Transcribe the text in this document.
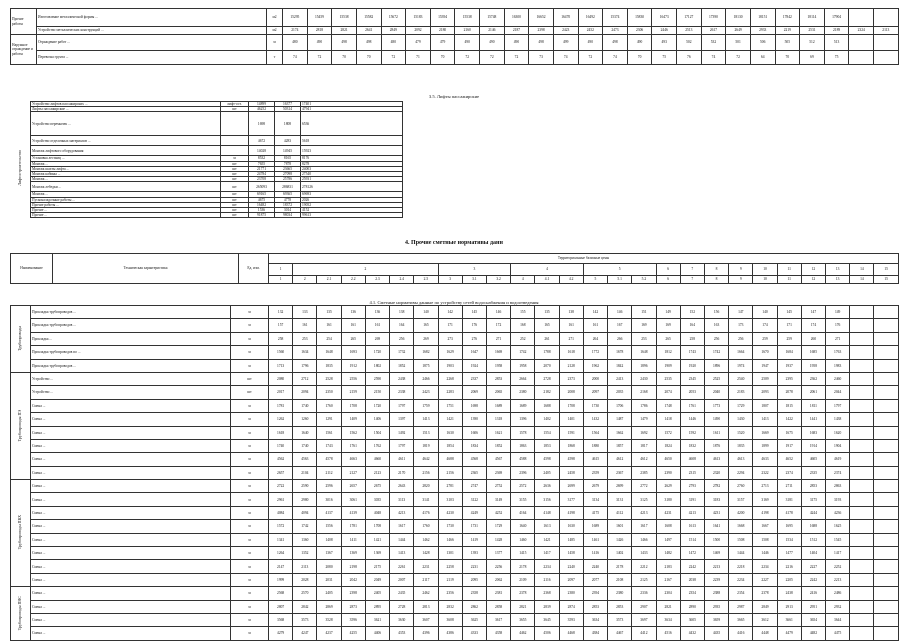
Прочие работы	Изготовление металлической формы ...	м2	15295	15459	15538	15582	15672	15183	15394	15538	15748	16300	16652	16470	16492	15374	15830	16473	17127	17390	18130	18151	17842	18114	17904		
	Устройство металлических конструкций ...	м2	2174	2818	2821	2641	2849	2092	2180	2160	2146	2187	2398	2423	2452	2473	2306	2446	2513	2617	2649	2933	2219	2531	2189	2324	2113
Наружное ограждение и работы	Ограждение работ ...	м	480	490	498	498	480	479	479	490	490	490	498	499	490	498	490	493	502	532	501	506	505	512	513		
	Перевозка грунта ...	т	74	72	70	70	72	71	70	72	72	72	73	74	72	74	70	75	76	74	72	64	70	69	75		
3.5. Лифты пассажирские
Лифтостроительство
Устройство лифтов пассажирских ...	лифт-ост.	14899	16377	17401
Лифты пассажирские ...	шт	46252	50314	47941
Устройство перемычек ...		1698	1808	6536
Устройство отделочных материалов ...		4672	4283	5618
Монтаж лифтового оборудования		14028	14945	15923
Установка лестниц ...	м	8532	8165	8176
Монтаж ...	шт	7655	7878	8278
Монтаж шахты лифта ...	шт	21771	23665	24003
Монтаж кабины ...	шт	24784	27098	27540
Монтаж ...	шт	23708	25786	25931
Монтаж лебедки ...	шт	265093	286831	278126
Монтаж ...	шт	69165	69365	69693
Пусконаладочные работы ...	шт	4675	4778	2026
Прочие работы ...	шт	16482	18372	19052
Прочие ...	шт	1536	3014	4152
Прочие ...	шт	91875	98034	99613
4. Прочие сметные нормативы данн
Наименование	Техническая характеристика	Ед. изм.	Территориальные базисные цены																									
			1	2						3			4			5			6	7	8	9	10	11	12	13	14	15
			1	2	2.1	2.2	2.3	2.4	2.5	3	3.1	3.2	4	4.1	4.2	5	5.1	5.2	6	7	8	9	10	11	12	13	14	15
4.1. Сметные нормативы данные по устройству сетей водоснабжения и водоотведения
Трубопроводы	Прокладка трубопроводов ...	м	132	133	135	136	136	138	140	142	145	146	155	135	138	142	146	151	149	152	156	147	140	145	147	149		
	Прокладка трубопроводов ...	м	157	161	161	161	161	164	165	171	176	172	168	165	161	161	167	169	169	164	163	173	174	171	174	176		
	Прокладка ...	м	258	253	254	265	269	256	269	273	276	271	252	261	271	264	266	253	265	258	256	256	259	259	260	271		
	Прокладка трубопроводов по ...	м	1560	1634	1648	1693	1720	1732	1682	1629	1647	1669	1742	1788	1618	1772	1678	1648	1812	1743	1742	1664	1670	1684	1685	1763		
	Прокладка трубопроводов ...	м	1713	1796	1835	1912	1802	1852	1875	1903	1924	1958	1958	2070	2128	1962	1842	1896	1909	1920	1896	1974	1947	1937	1958	1983		
Трубопроводы ПЭ	Устройство ...	шт	2080	2712	2528	2556	2590	2438	2466	2268	2337	2853	2664	2728	2373	2000	2413	2430	2535	2345	2525	2540	2509	2395	2362	2460		
	Устройство ...	шт	2017	2094	2350	2159	2150	2338	2423	2283	2069	2065	2380	2182	2008	2097	2035	2168	2074	2053	2040	2183	2093	2078	2061	2044		
	Смена ...	м	1781	1740	1760	1708	1720	1797	1759	1751	1698	1689	1689	1688	1708	1730	1706	1786	1748	1761	1773	1729	1807	1815	1811	1797		
	Смена ...	м	1262	1260	1291	1409	1406	1397	1413	1421	1390	1318	1396	1402	1401	1432	1487	1479	1418	1446	1490	1430	1413	1422	1441	1438		
	Смена ...	м	1618	1640	1561	1562	1504	1492	1513	1630	1606	1621	1578	1554	1591	1564	1662	1692	1572	1592	1611	1520	1669	1675	1683	1620		
	Смена ...	м	1740	1740	1743	1761	1762	1797	1819	1854	1834	1852	1863	1853	1868	1880	1857	1817	1824	1832	1876	1835	1899	1917	1914	1904		
	Смена ...	м	4562	4563	4578	4663	4660	4611	4642	4688	4568	4567	4588	4598	4598	4615	4612	4612	4650	4608	4613	4613	4633	4652	4605	4619		
	Смена ...	м	2657	2104	2112	2127	2123	2170	2156	2156	2365	2369	2396	2405	2458	2359	2367	2385	2390	2315	2320	2294	2322	2374	2335	2374		
Трубопроводы ПВХ	Смена ...	м	2722	2590	2596	2657	2675	2643	2820	2781	2747	2752	2572	2636	2699	2679	2699	2772	2629	2793	2782	2760	2713	2711	2853	2863		
	Смена ...	м	2961	2980	3016	3061	3035	3113	3141	3103	3122	3149	3155	3156	3177	3134	3131	3125	3180	3191	3183	3157	3169	3181	3175	3193		
	Смена ...	м	4084	4094	4137	4139	4048	4213	4176	4230	4249	4252	4164	4148	4198	4175	4112	4213	4231	4213	4231	4200	4198	4178	4244	4236		
	Смена ...	м	1572	1742	1556	1781	1708	1617	1760	1730	1731	1729	1640	1613	1630	1689	1601	1617	1608	1613	1641	1668	1667	1695	1688	1625		
	Смена ...	м	1341	1360	1408	1411	1421	1444	1462	1466	1419	1428	1460	1421	1485	1461	1426	1466	1497	1514	1500	1508	1508	1534	1512	1545		
	Смена ...	м	1264	1352	1367	1369	1369	1413	1428	1301	1393	1377	1415	1417	1458	1416	1402	1433	1482	1472	1469	1444	1446	1477	1404	1417		
	Смена ...	м	2147	2113	2080	2198	2175	2261	2231	2258	2231	2256	2178	2234	2240	2240	2178	2212	2183	2242	2213	2218	2234	2216	2227	2252		
	Смена ...	м	1999	2028	2031	2042	2049	2007	2117	2119	2095	2062	2109	2116	2097	2077	2108	2125	2167	2038	2239	2234	2227	2205	2242	2213		
Трубопроводы ПНС	Смена ...	м	2568	2570	2405	2398	2405	2435	2462	2356	2358	2381	2378	2368	2380	2394	2380	2336	2304	2354	2388	2354	2378	2438	2416	2486		
	Смена ...	м	2807	2842	2869	2873	2895	2728	2813	2832	2862	2858	2821	2839	2874	2853	2853	2907	2821	2890	2935	2987	2849	2913	2951	2932		
	Смена ...	м	3568	3573	3528	3596	3621	3630	3607	3608	3625	3617	3655	3645	3593	3634	3573	3697	3634	3605	3659	3665	3612	3661	3654	3644		
	Смена ...	м	4279	4247	4237	4255	4406	4353	4396	4386	4333	4358	4462	4506	4468	4384	4467	4412	4516	4432	4435	4416	4448	4479	4482	4475		
